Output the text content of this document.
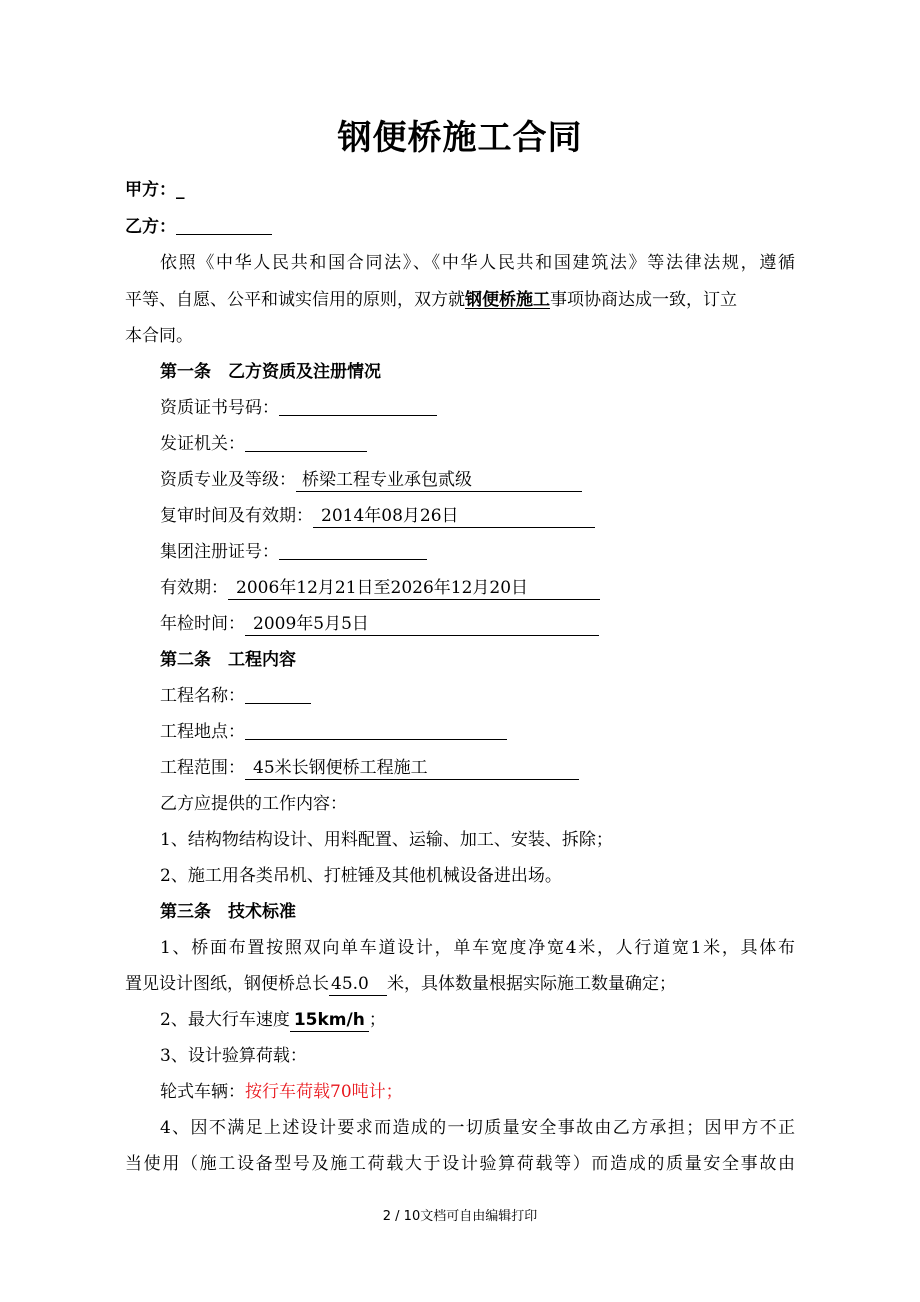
钢便桥施工合同
甲方：_
乙方：
依照《中华人民共和国合同法》、《中华人民共和国建筑法》等法律法规，遵循
平等、自愿、公平和诚实信用的原则，双方就钢便桥施工事项协商达成一致，订立
本合同。
第一条　乙方资质及注册情况
资质证书号码：
发证机关：
资质专业及等级： 桥梁工程专业承包贰级
复审时间及有效期： 2014年08月26日
集团注册证号：
有效期： 2006年12月21日至2026年12月20日
年检时间： 2009年5月5日
第二条　工程内容
工程名称：
工程地点：
工程范围： 45米长钢便桥工程施工
乙方应提供的工作内容：
1、结构物结构设计、用料配置、运输、加工、安装、拆除；
2、施工用各类吊机、打桩锤及其他机械设备进出场。
第三条　技术标准
1、桥面布置按照双向单车道设计，单车宽度净宽4米，人行道宽1米，具体布
置见设计图纸，钢便桥总长 45.0 米，具体数量根据实际施工数量确定；
2、最大行车速度 15km/h ；
3、设计验算荷载：
轮式车辆：按行车荷载70吨计；
4、因不满足上述设计要求而造成的一切质量安全事故由乙方承担；因甲方不正
当使用（施工设备型号及施工荷载大于设计验算荷载等）而造成的质量安全事故由
2 / 10文档可自由编辑打印
